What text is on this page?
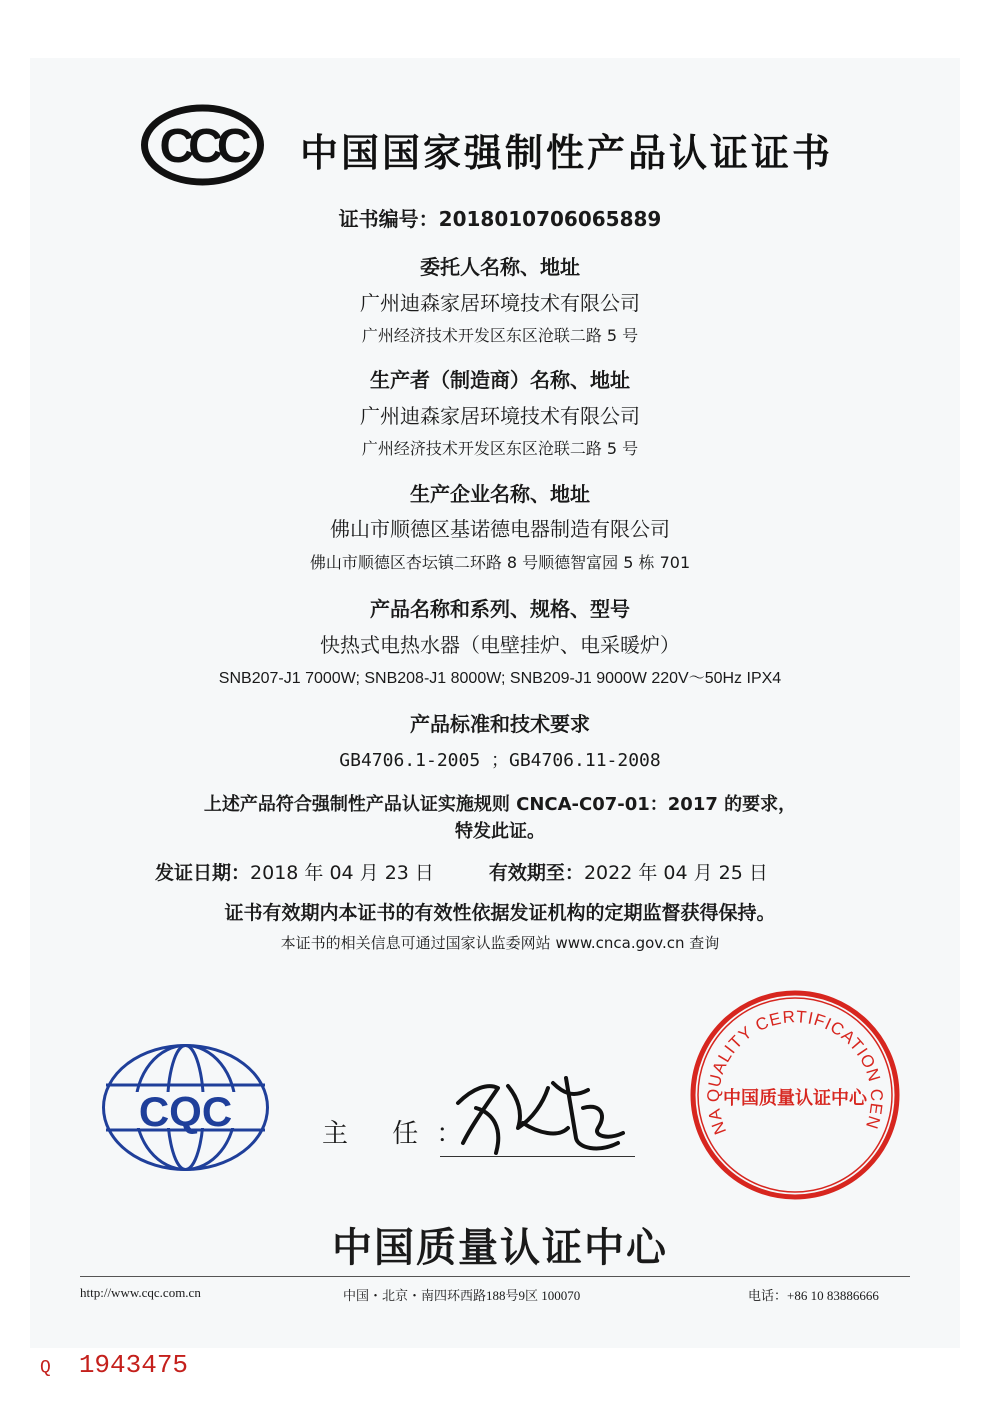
CCC 中国国家强制性产品认证证书
证书编号：2018010706065889
委托人名称、地址
广州迪森家居环境技术有限公司
广州经济技术开发区东区沧联二路 5 号
生产者（制造商）名称、地址
广州迪森家居环境技术有限公司
广州经济技术开发区东区沧联二路 5 号
生产企业名称、地址
佛山市顺德区基诺德电器制造有限公司
佛山市顺德区杏坛镇二环路 8 号顺德智富园 5 栋 701
产品名称和系列、规格、型号
快热式电热水器（电壁挂炉、电采暖炉）
SNB207-J1 7000W; SNB208-J1 8000W; SNB209-J1 9000W 220V～50Hz IPX4
产品标准和技术要求
GB4706.1-2005 ；GB4706.11-2008
上述产品符合强制性产品认证实施规则 CNCA-C07-01：2017 的要求，
特发此证。
发证日期：2018 年 04 月 23 日	有效期至：2022 年 04 月 25 日
证书有效期内本证书的有效性依据发证机构的定期监督获得保持。
本证书的相关信息可通过国家认监委网站 www.cnca.gov.cn 查询
CQC	主 任：	NA QUALITY CERTIFICATION CEN
中国质量认证中心
中国质量认证中心
http://www.cqc.com.cn	中国・北京・南四环西路188号9区 100070	电话：+86 10 83886666
Q 1943475
